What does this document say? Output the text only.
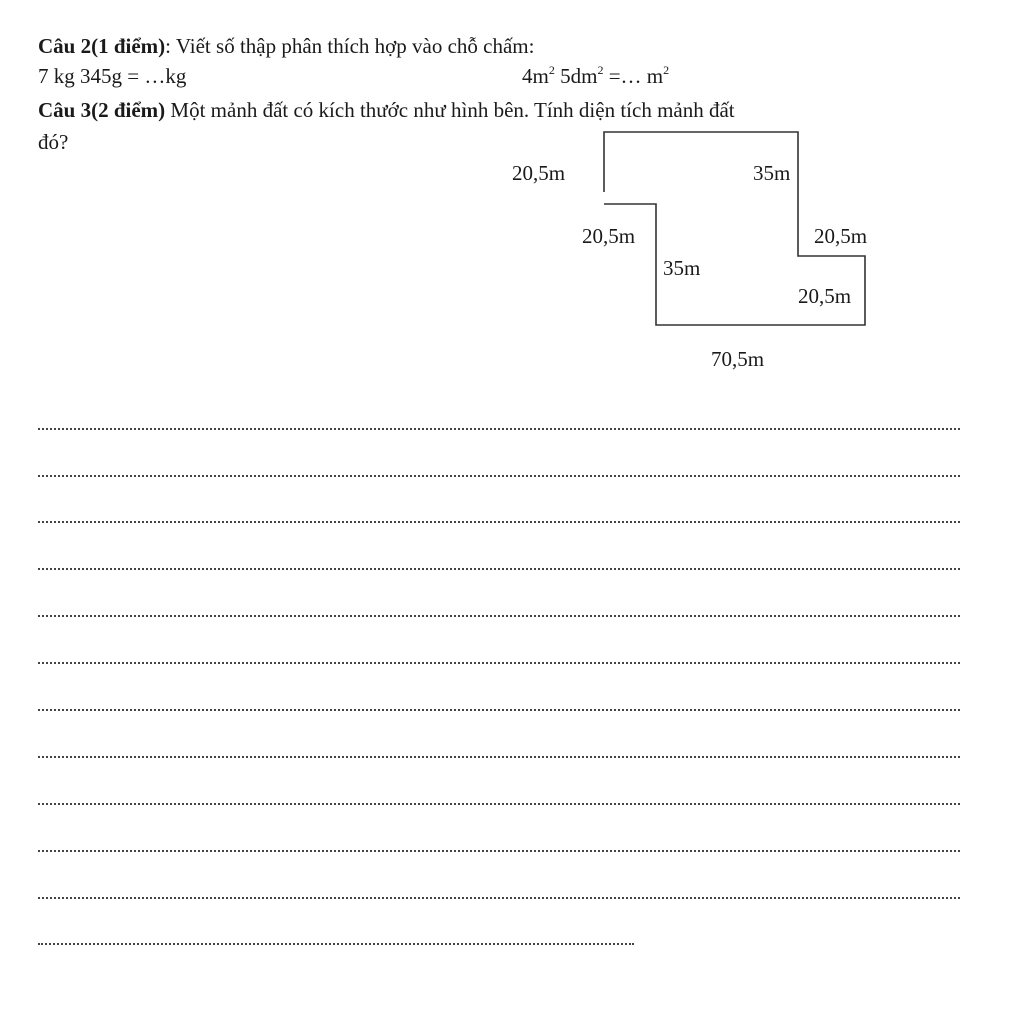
Câu 2(1 điểm): Viết số thập phân thích hợp vào chỗ chấm:
7 kg 345g = …kg	$4m^2$ $5dm^2$ =… $m^2$
Câu 3(2 điểm) Một mảnh đất có kích thước như hình bên. Tính diện tích mảnh đất
đó?
20,5m	35m
20,5m	20,5m
35m
20,5m
70,5m
